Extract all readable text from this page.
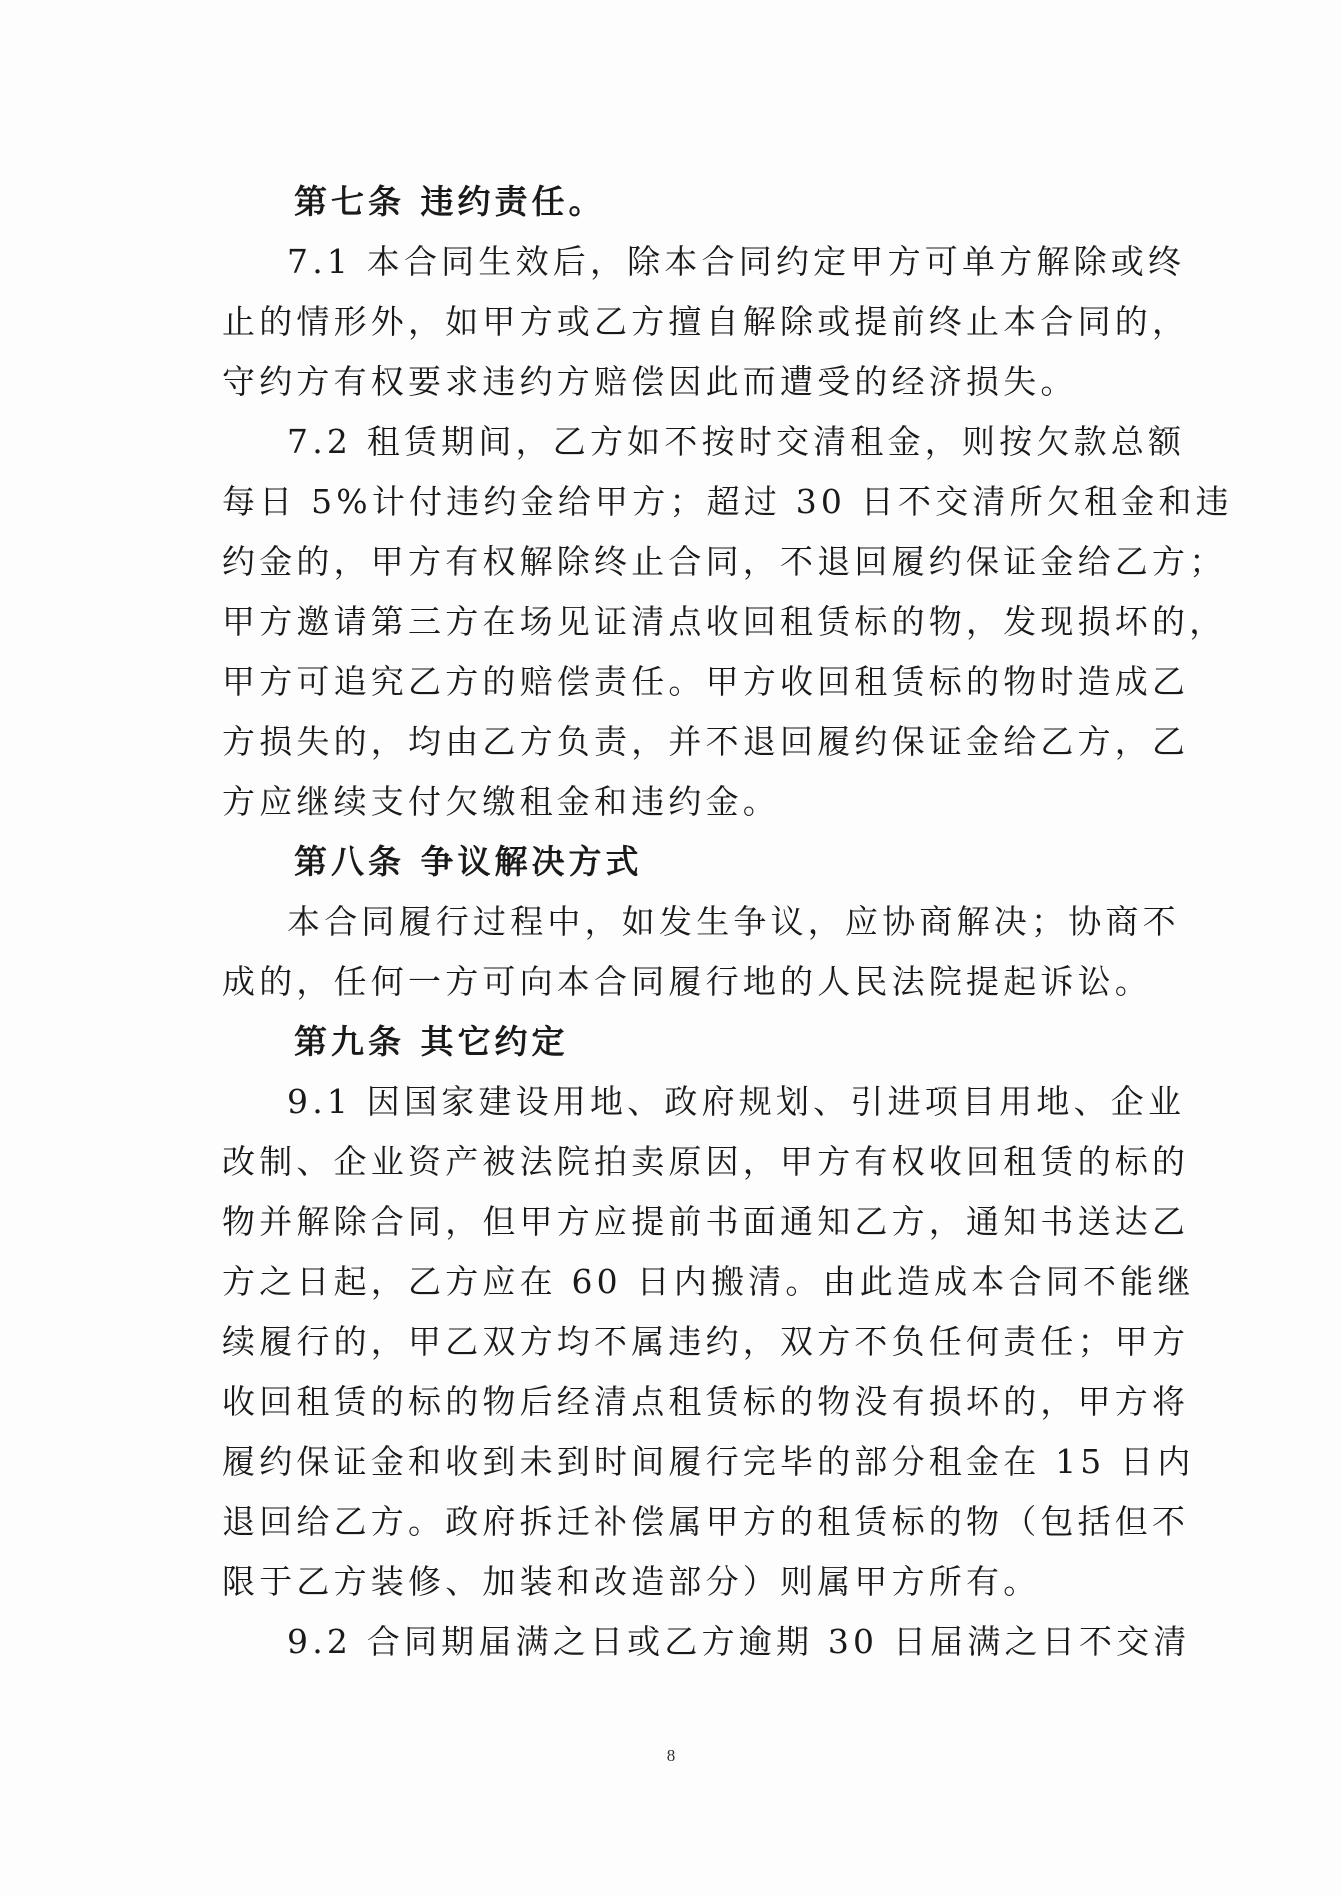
第七条 违约责任。
7.1 本合同生效后，除本合同约定甲方可单方解除或终
止的情形外，如甲方或乙方擅自解除或提前终止本合同的，
守约方有权要求违约方赔偿因此而遭受的经济损失。
7.2 租赁期间，乙方如不按时交清租金，则按欠款总额
每日 5%计付违约金给甲方；超过 30 日不交清所欠租金和违
约金的，甲方有权解除终止合同，不退回履约保证金给乙方；
甲方邀请第三方在场见证清点收回租赁标的物，发现损坏的，
甲方可追究乙方的赔偿责任。甲方收回租赁标的物时造成乙
方损失的，均由乙方负责，并不退回履约保证金给乙方，乙
方应继续支付欠缴租金和违约金。
第八条 争议解决方式
本合同履行过程中，如发生争议，应协商解决；协商不
成的，任何一方可向本合同履行地的人民法院提起诉讼。
第九条 其它约定
9.1 因国家建设用地、政府规划、引进项目用地、企业
改制、企业资产被法院拍卖原因，甲方有权收回租赁的标的
物并解除合同，但甲方应提前书面通知乙方，通知书送达乙
方之日起，乙方应在 60 日内搬清。由此造成本合同不能继
续履行的，甲乙双方均不属违约，双方不负任何责任；甲方
收回租赁的标的物后经清点租赁标的物没有损坏的，甲方将
履约保证金和收到未到时间履行完毕的部分租金在 15 日内
退回给乙方。政府拆迁补偿属甲方的租赁标的物（包括但不
限于乙方装修、加装和改造部分）则属甲方所有。
9.2 合同期届满之日或乙方逾期 30 日届满之日不交清
8
